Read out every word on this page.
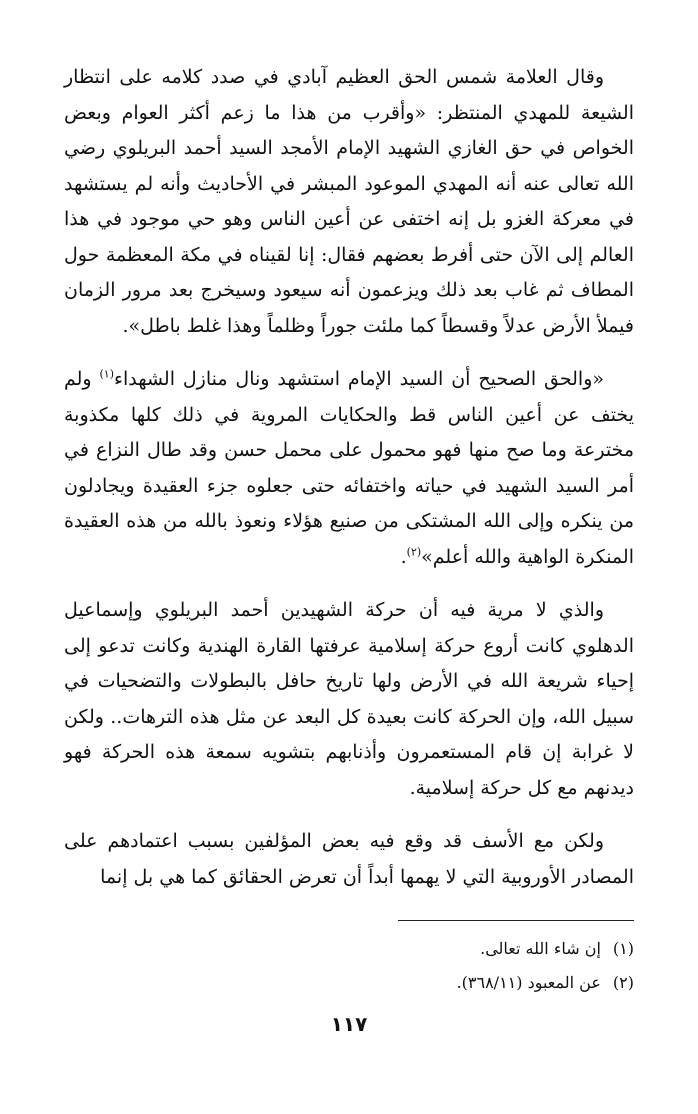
وقال العلامة شمس الحق العظيم آبادي في صدد كلامه على انتظار الشيعة للمهدي المنتظر: «وأقرب من هذا ما زعم أكثر العوام وبعض الخواص في حق الغازي الشهيد الإمام الأمجد السيد أحمد البريلوي رضي الله تعالى عنه أنه المهدي الموعود المبشر في الأحاديث وأنه لم يستشهد في معركة الغزو بل إنه اختفى عن أعين الناس وهو حي موجود في هذا العالم إلى الآن حتى أفرط بعضهم فقال: إنا لقيناه في مكة المعظمة حول المطاف ثم غاب بعد ذلك ويزعمون أنه سيعود وسيخرج بعد مرور الزمان فيملأ الأرض عدلاً وقسطاً كما ملئت جوراً وظلماً وهذا غلط باطل».

«والحق الصحيح أن السيد الإمام استشهد ونال منازل الشهداء$^{(١)}$ ولم يختف عن أعين الناس قط والحكايات المروية في ذلك كلها مكذوبة مخترعة وما صح منها فهو محمول على محمل حسن وقد طال النزاع في أمر السيد الشهيد في حياته واختفائه حتى جعلوه جزء العقيدة ويجادلون من ينكره وإلى الله المشتكى من صنيع هؤلاء ونعوذ بالله من هذه العقيدة المنكرة الواهية والله أعلم»$^{(٢)}$.

والذي لا مرية فيه أن حركة الشهيدين أحمد البريلوي وإسماعيل الدهلوي كانت أروع حركة إسلامية عرفتها القارة الهندية وكانت تدعو إلى إحياء شريعة الله في الأرض ولها تاريخ حافل بالبطولات والتضحيات في سبيل الله، وإن الحركة كانت بعيدة كل البعد عن مثل هذه الترهات.. ولكن لا غرابة إن قام المستعمرون وأذنابهم بتشويه سمعة هذه الحركة فهو ديدنهم مع كل حركة إسلامية.

ولكن مع الأسف قد وقع فيه بعض المؤلفين بسبب اعتمادهم على المصادر الأوروبية التي لا يهمها أبداً أن تعرض الحقائق كما هي بل إنما

(١)إن شاء الله تعالى.

(٢)عن المعبود (٣٦٨/١١).

١١٧
